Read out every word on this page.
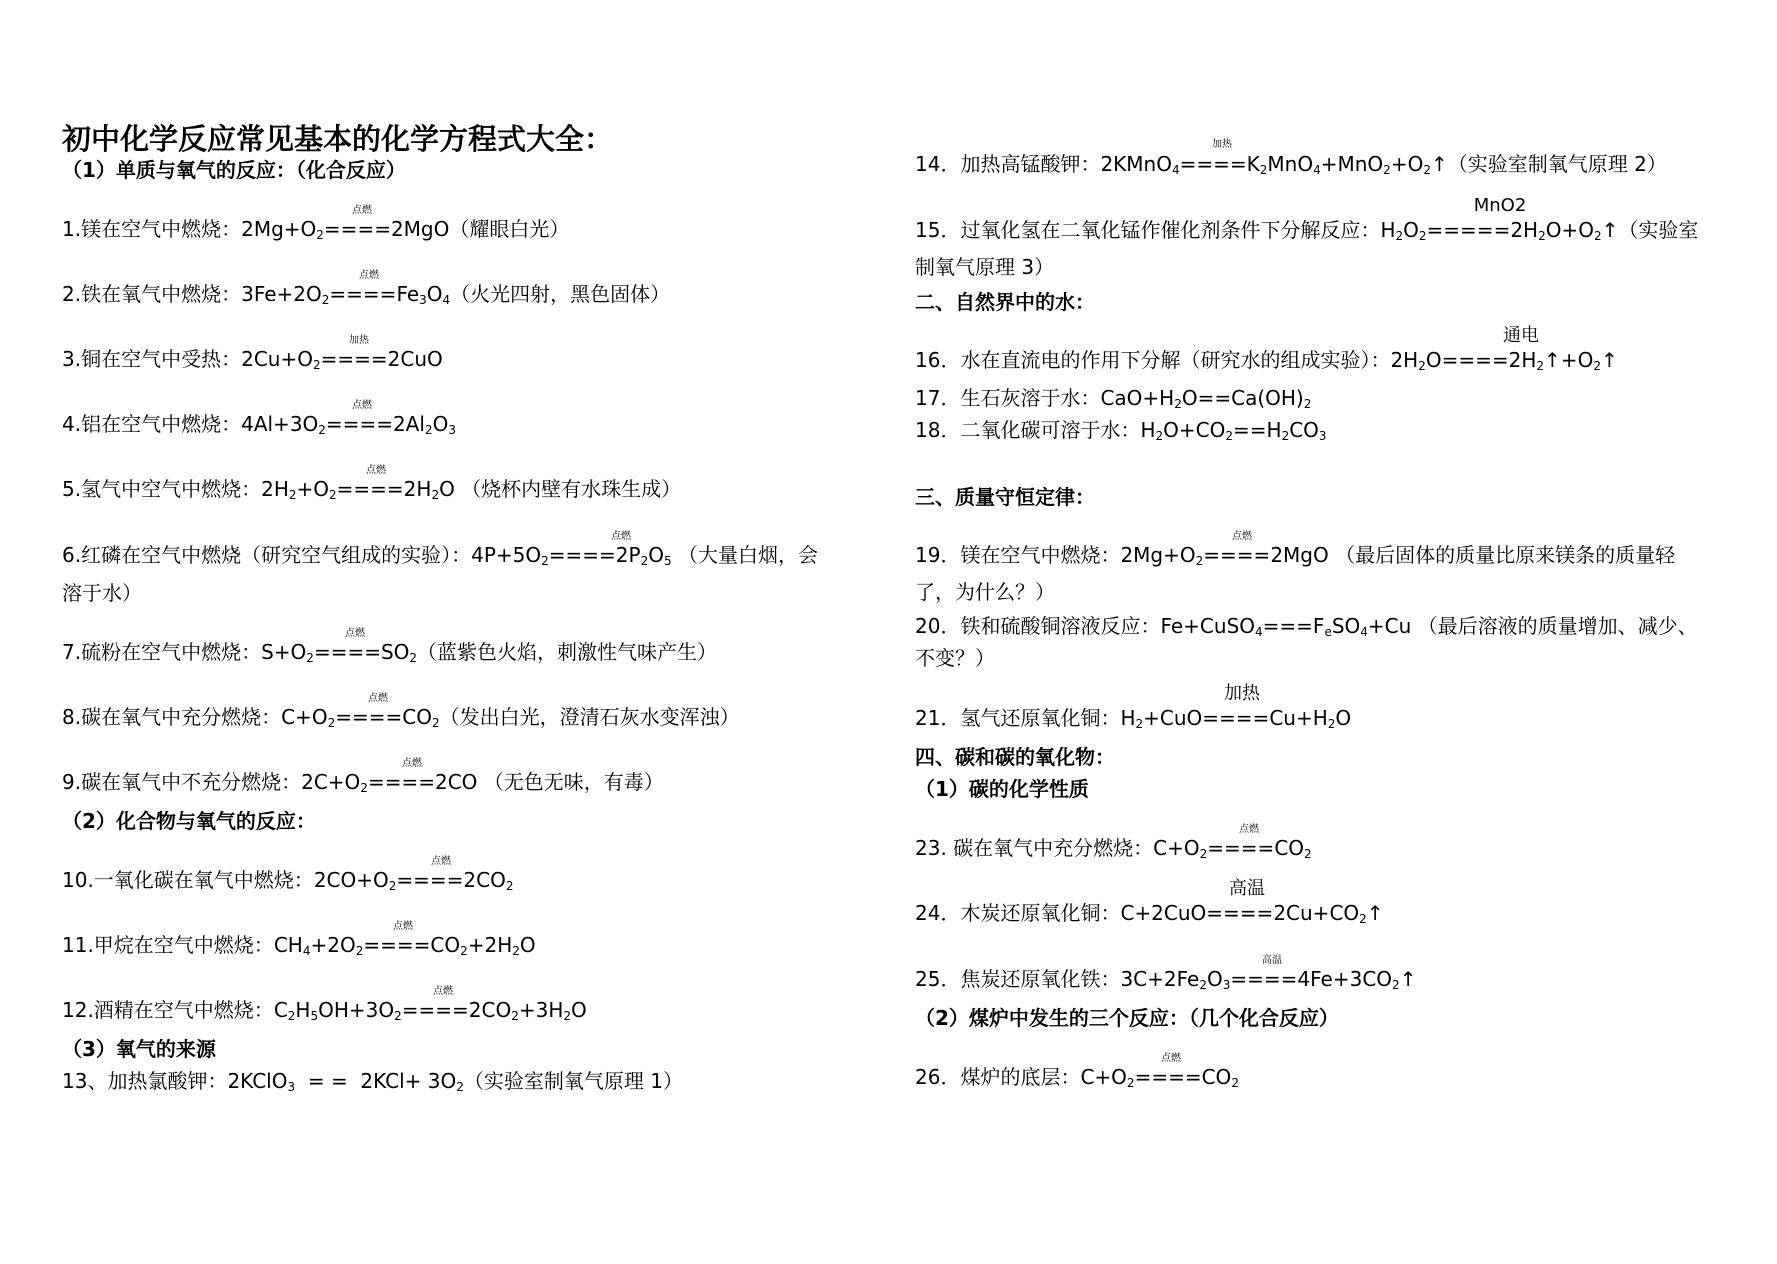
初中化学反应常见基本的化学方程式大全：
（1）单质与氧气的反应：（化合反应）
1.镁在空气中燃烧：$2Mg+O_2====2MgO$（耀眼白光）
点燃
2.铁在氧气中燃烧：$3Fe+2O_2====Fe_3O_4$（火光四射，黑色固体）
点燃
3.铜在空气中受热：$2Cu+O_2====2CuO$
加热
4.铝在空气中燃烧：$4Al+3O_2====2Al_2O_3$
点燃
5.氢气中空气中燃烧：$2H_2+O_2====2H_2O$ （烧杯内壁有水珠生成）
点燃
6.红磷在空气中燃烧（研究空气组成的实验）：$4P+5O_2====2P_2O_5$ （大量白烟，会
溶于水）
点燃
7.硫粉在空气中燃烧：$S+O_2====SO_2$（蓝紫色火焰，刺激性气味产生）
点燃
8.碳在氧气中充分燃烧：$C+O_2====CO_2$（发出白光，澄清石灰水变浑浊）
点燃
9.碳在氧气中不充分燃烧：$2C+O_2====2CO$ （无色无味，有毒）
点燃
（2）化合物与氧气的反应：
10.一氧化碳在氧气中燃烧：$2CO+O_2====2CO_2$
点燃
11.甲烷在空气中燃烧：$CH_4+2O_2====CO_2+2H_2O$
点燃
12.酒精在空气中燃烧：$C_2H_5OH+3O_2====2CO_2+3H_2O$
点燃
（3）氧气的来源
13、加热氯酸钾：2KClO$_3$  = =  $2KCl+ 3O_2$（实验室制氧气原理 1）
14．加热高锰酸钾：$2KMnO_4====K_2MnO_4+MnO_2+O_2↑$（实验室制氧气原理 2）
加热
15．过氧化氢在二氧化锰作催化剂条件下分解反应：$H_2O_2=====2H_2O+O_2↑$（实验室
制氧气原理 3）
MnO2
二、自然界中的水：
16．水在直流电的作用下分解（研究水的组成实验）：$2H_2O====2H_2↑+O_2↑$
通电
17．生石灰溶于水：$CaO+H_2O==Ca(OH)_2$
18．二氧化碳可溶于水：$H_2O+CO_2==H_2CO_3$
三、质量守恒定律：
19．镁在空气中燃烧：$2Mg+O_2====2MgO$ （最后固体的质量比原来镁条的质量轻
了，为什么？）
点燃
20．铁和硫酸铜溶液反应：$Fe+CuSO_4===F_eSO_4+Cu$ （最后溶液的质量增加、减少、
不变？）
21．氢气还原氧化铜：$H_2+CuO====Cu+H_2O$
加热
四、碳和碳的氧化物：
（1）碳的化学性质
23. 碳在氧气中充分燃烧：$C+O_2====CO_2$
点燃
24．木炭还原氧化铜：$C+2CuO====2Cu+CO_2↑$
高温
25．焦炭还原氧化铁：$3C+2Fe_2O_3====4Fe+3CO_2↑$
高温
（2）煤炉中发生的三个反应：（几个化合反应）
26．煤炉的底层：$C+O_2====CO_2$
点燃
